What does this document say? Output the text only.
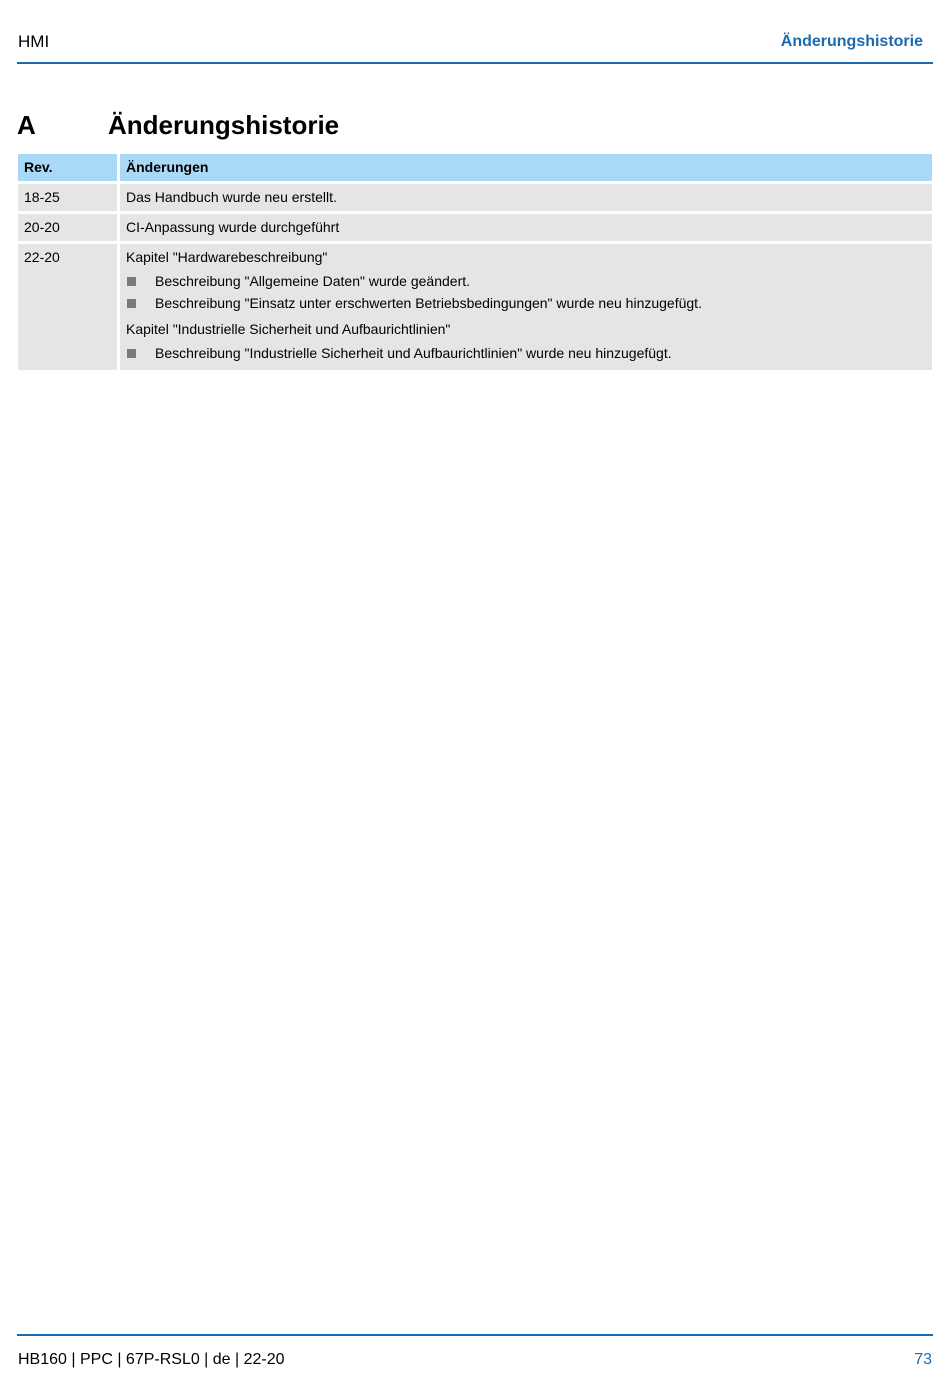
HMI	Änderungshistorie
A	Änderungshistorie
Rev.	Änderungen
18-25	Das Handbuch wurde neu erstellt.
20-20	CI-Anpassung wurde durchgeführt
22-20	Kapitel "Hardwarebeschreibung"
Beschreibung "Allgemeine Daten" wurde geändert.
Beschreibung "Einsatz unter erschwerten Betriebsbedingungen" wurde neu hinzugefügt.
Kapitel "Industrielle Sicherheit und Aufbaurichtlinien"
Beschreibung "Industrielle Sicherheit und Aufbaurichtlinien" wurde neu hinzugefügt.
HB160 | PPC | 67P-RSL0 | de | 22-20	73
